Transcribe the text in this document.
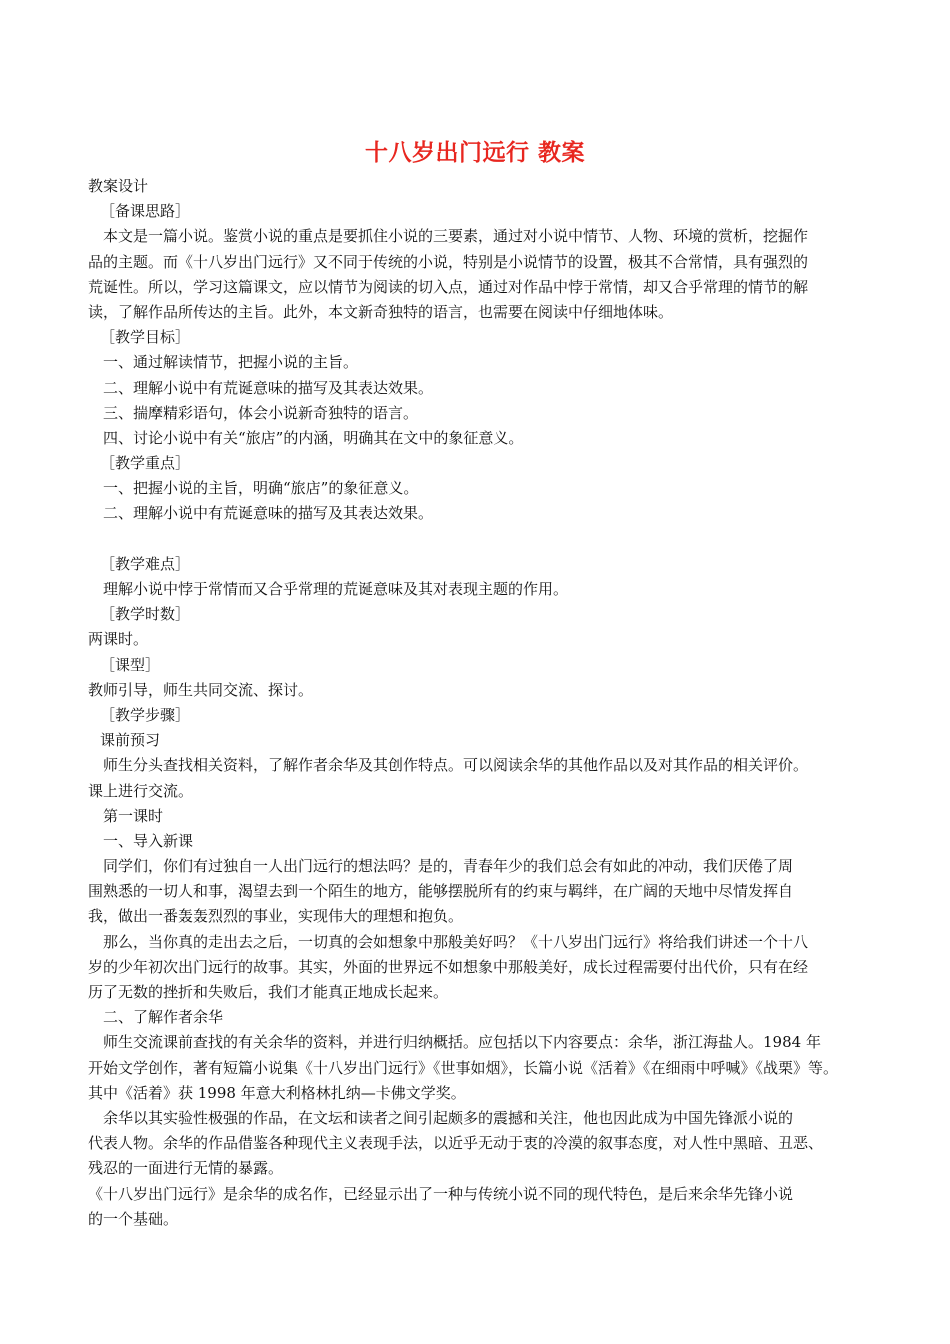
十八岁出门远行 教案
教案设计
［备课思路］
本文是一篇小说。鉴赏小说的重点是要抓住小说的三要素，通过对小说中情节、人物、环境的赏析，挖掘作
品的主题。而《十八岁出门远行》又不同于传统的小说，特别是小说情节的设置，极其不合常情，具有强烈的
荒诞性。所以，学习这篇课文，应以情节为阅读的切入点，通过对作品中悖于常情，却又合乎常理的情节的解
读，了解作品所传达的主旨。此外，本文新奇独特的语言，也需要在阅读中仔细地体味。
［教学目标］
一、通过解读情节，把握小说的主旨。
二、理解小说中有荒诞意味的描写及其表达效果。
三、揣摩精彩语句，体会小说新奇独特的语言。
四、讨论小说中有关“旅店”的内涵，明确其在文中的象征意义。
［教学重点］
一、把握小说的主旨，明确“旅店”的象征意义。
二、理解小说中有荒诞意味的描写及其表达效果。
［教学难点］
理解小说中悖于常情而又合乎常理的荒诞意味及其对表现主题的作用。
［教学时数］
两课时。
［课型］
教师引导，师生共同交流、探讨。
［教学步骤］
课前预习
师生分头查找相关资料，了解作者余华及其创作特点。可以阅读余华的其他作品以及对其作品的相关评价。
课上进行交流。
第一课时
一、导入新课
同学们，你们有过独自一人出门远行的想法吗？是的，青春年少的我们总会有如此的冲动，我们厌倦了周
围熟悉的一切人和事，渴望去到一个陌生的地方，能够摆脱所有的约束与羁绊，在广阔的天地中尽情发挥自
我，做出一番轰轰烈烈的事业，实现伟大的理想和抱负。
那么，当你真的走出去之后，一切真的会如想象中那般美好吗？《十八岁出门远行》将给我们讲述一个十八
岁的少年初次出门远行的故事。其实，外面的世界远不如想象中那般美好，成长过程需要付出代价，只有在经
历了无数的挫折和失败后，我们才能真正地成长起来。
二、了解作者余华
师生交流课前查找的有关余华的资料，并进行归纳概括。应包括以下内容要点：余华，浙江海盐人。1984 年
开始文学创作，著有短篇小说集《十八岁出门远行》《世事如烟》，长篇小说《活着》《在细雨中呼喊》《战栗》等。
其中《活着》获 1998 年意大利格林扎纳—卡佛文学奖。
余华以其实验性极强的作品，在文坛和读者之间引起颇多的震撼和关注，他也因此成为中国先锋派小说的
代表人物。余华的作品借鉴各种现代主义表现手法，以近乎无动于衷的冷漠的叙事态度，对人性中黑暗、丑恶、
残忍的一面进行无情的暴露。
《十八岁出门远行》是余华的成名作，已经显示出了一种与传统小说不同的现代特色，是后来余华先锋小说
的一个基础。
